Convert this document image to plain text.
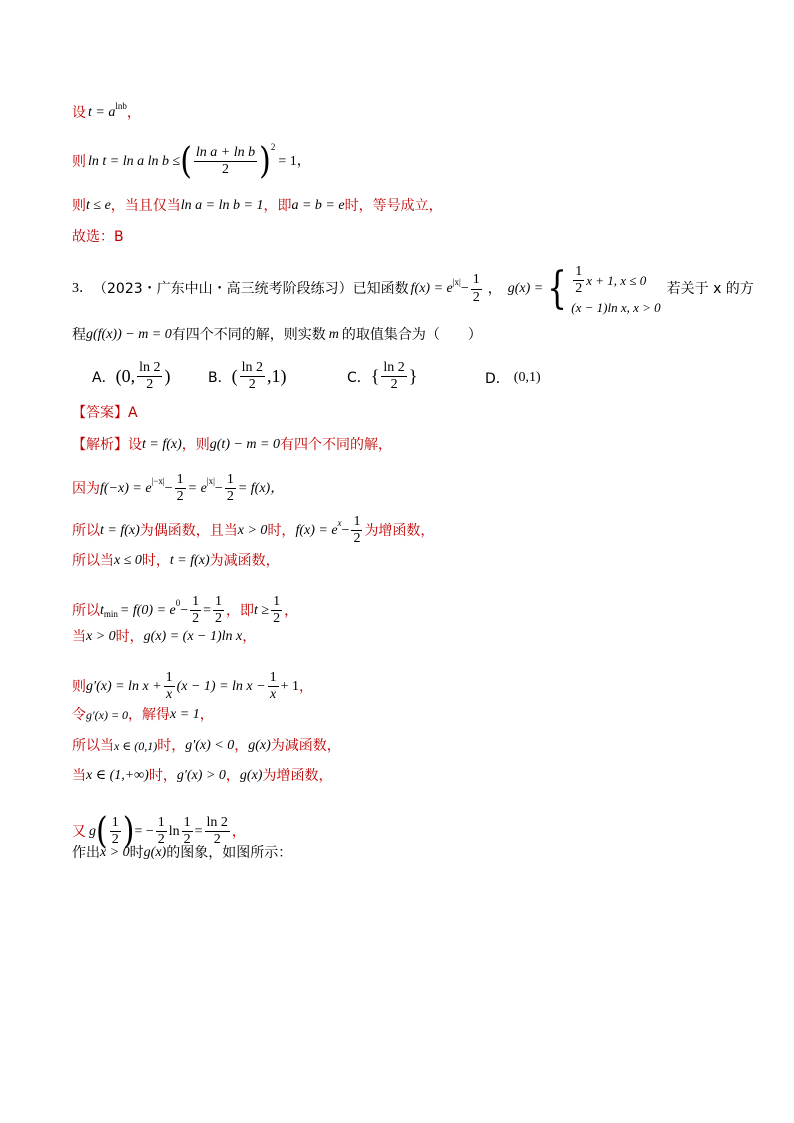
设 t = a lnb ，
则 ln t = ln a ln b ≤ ( $\frac{\text{ln a + ln b}}{2}$ ) 2
= 1，
则 t ≤ e ，当且仅当 ln a = ln b = 1 ，即 a = b = e 时，等号成立，
故选：B
3． （2023・广东中山・高三统考阶段练习）已知函数 f(x) = e $|x| - \frac{1}{2}$ ， g(x) = { $\frac{1}{2}$ x + 1, x ≤ 0
(x − 1)ln x, x > 0
若关于 x 的方
程 g(f(x)) − m = 0 有四个不同的解，则实数 m 的取值集合为（　　）
A． (0, $\frac{\ln 2}{2}$ )	B． ( $\frac{\ln 2}{2} ,1$)	C． { $\frac{\ln 2}{2}$ }	D． (0,1)
【答案】 A
【解析】 设 t = f(x) ，则 g(t) − m = 0 有四个不同的解，
因为 f(−x) = e $|-x| - \frac{1}{2} = e$ $|x| - \frac{1}{2} = f(x)$，
所以 t = f(x) 为偶函数，且当 x > 0 时， f(x) = e $x - \frac{1}{2}$ 为增函数，
所以当 x ≤ 0 时， t = f(x) 为减函数，
所以 t min = f(0) = e $0 - \frac{1}{2} = \frac{1}{2}$ ，即 $t \ge \frac{1}{2}$ ，
当 x > 0 时， g(x) = (x − 1)ln x ，
则 $g'(x) = \ln x + \frac{1}{x} (x - 1) = \ln x - \frac{1}{x} + 1$ ，
令 g′(x) = 0 ，解得 x = 1 ，
所以当 x ∈ (0,1) 时， g′(x) < 0 ， g(x) 为减函数，
当 x ∈ (1,+∞) 时， g′(x) > 0 ， g(x) 为增函数，
又 g ( $\frac{1}{2}$ ) = − $\frac{1}{2}$ $\ln \frac{1}{2} = \frac{\ln 2}{2}$ ，
作出 x > 0 时 g(x) 的图象，如图所示：
